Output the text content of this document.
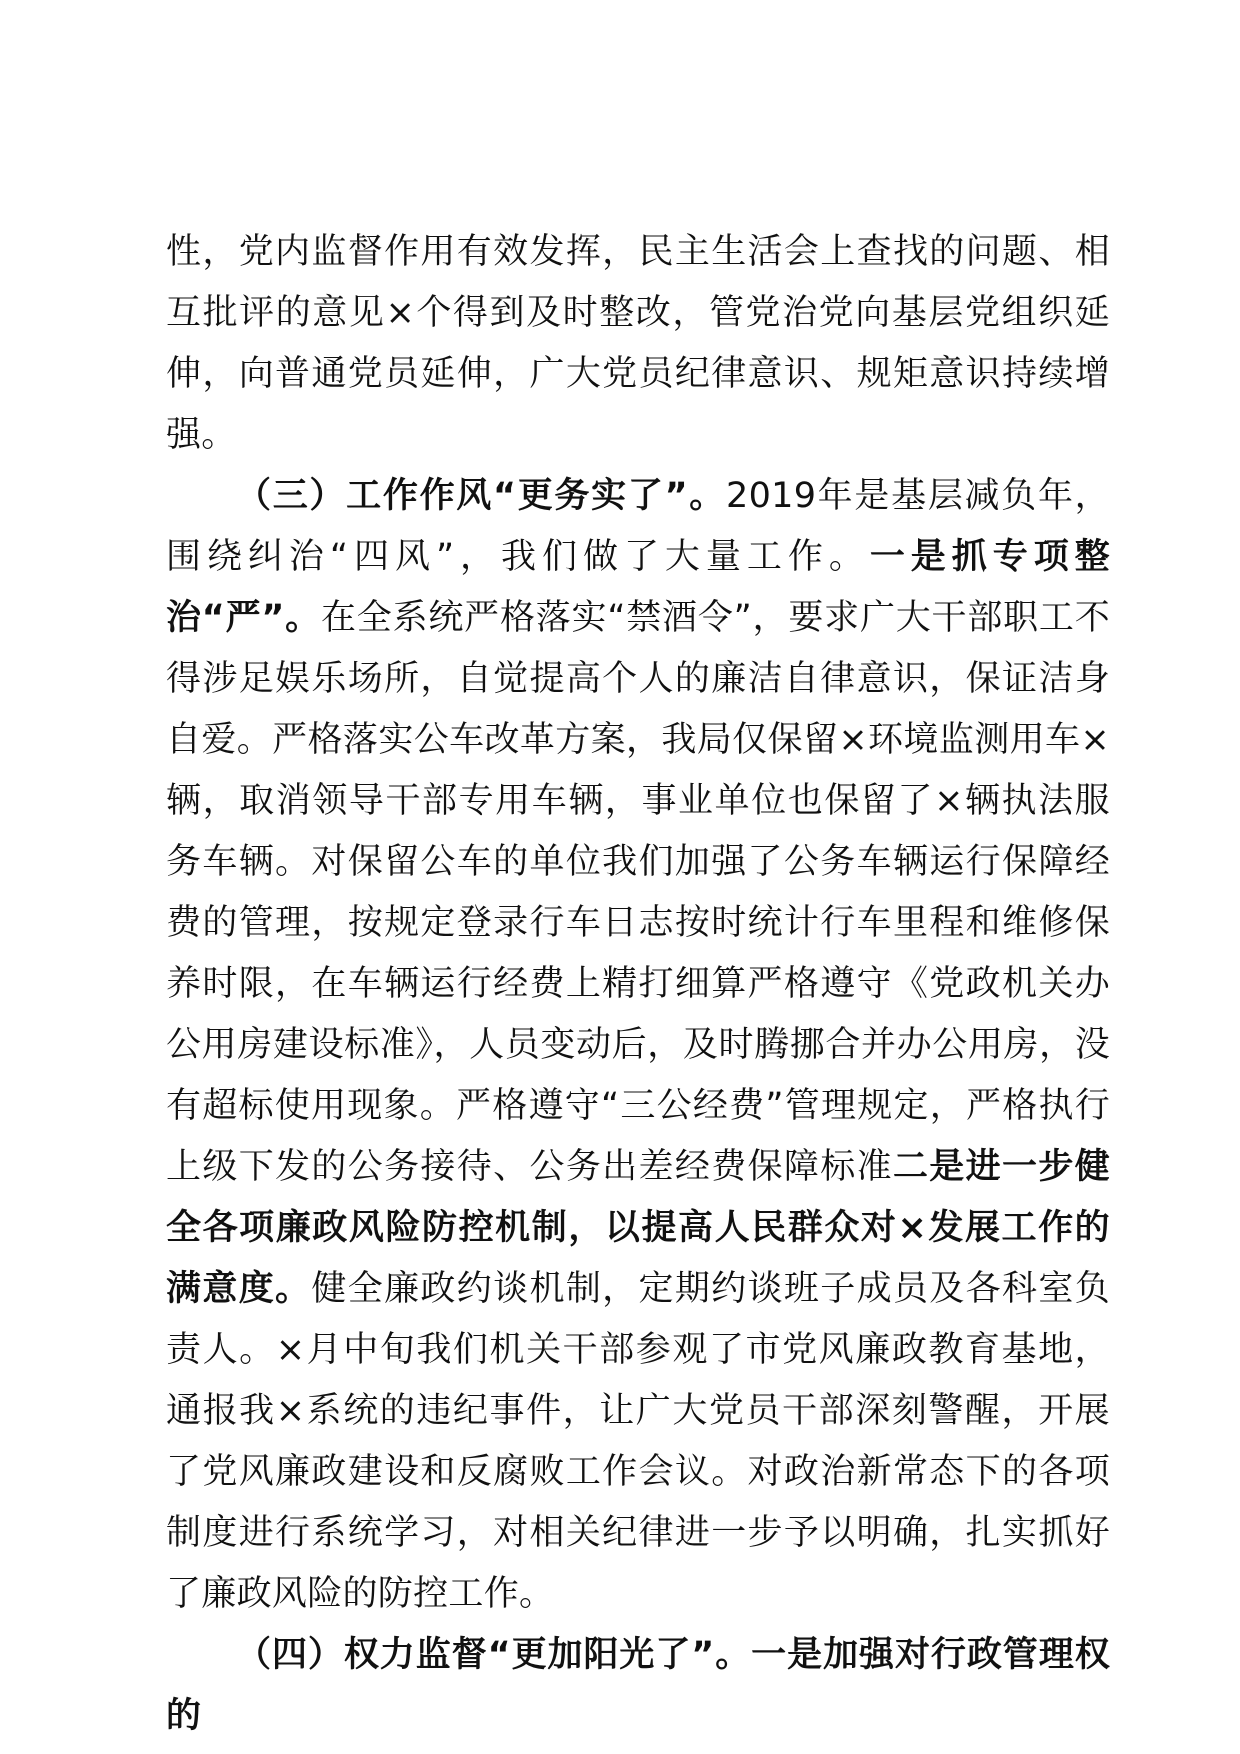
性，党内监督作用有效发挥，民主生活会上查找的问题、相互批评的意见×个得到及时整改，管党治党向基层党组织延伸，向普通党员延伸，广大党员纪律意识、规矩意识持续增强。

（三）工作作风“更务实了”。2019年是基层减负年，围绕纠治“四风”，我们做了大量工作。一是抓专项整治“严”。在全系统严格落实“禁酒令”，要求广大干部职工不得涉足娱乐场所，自觉提高个人的廉洁自律意识，保证洁身自爱。严格落实公车改革方案，我局仅保留×环境监测用车×辆，取消领导干部专用车辆，事业单位也保留了×辆执法服务车辆。对保留公车的单位我们加强了公务车辆运行保障经费的管理，按规定登录行车日志按时统计行车里程和维修保养时限，在车辆运行经费上精打细算严格遵守《党政机关办公用房建设标准》，人员变动后，及时腾挪合并办公用房，没有超标使用现象。严格遵守“三公经费”管理规定，严格执行上级下发的公务接待、公务出差经费保障标准二是进一步健全各项廉政风险防控机制，以提高人民群众对×发展工作的满意度。健全廉政约谈机制，定期约谈班子成员及各科室负责人。×月中旬我们机关干部参观了市党风廉政教育基地，通报我×系统的违纪事件，让广大党员干部深刻警醒，开展了党风廉政建设和反腐败工作会议。对政治新常态下的各项制度进行系统学习，对相关纪律进一步予以明确，扎实抓好了廉政风险的防控工作。

（四）权力监督“更加阳光了”。一是加强对行政管理权的
